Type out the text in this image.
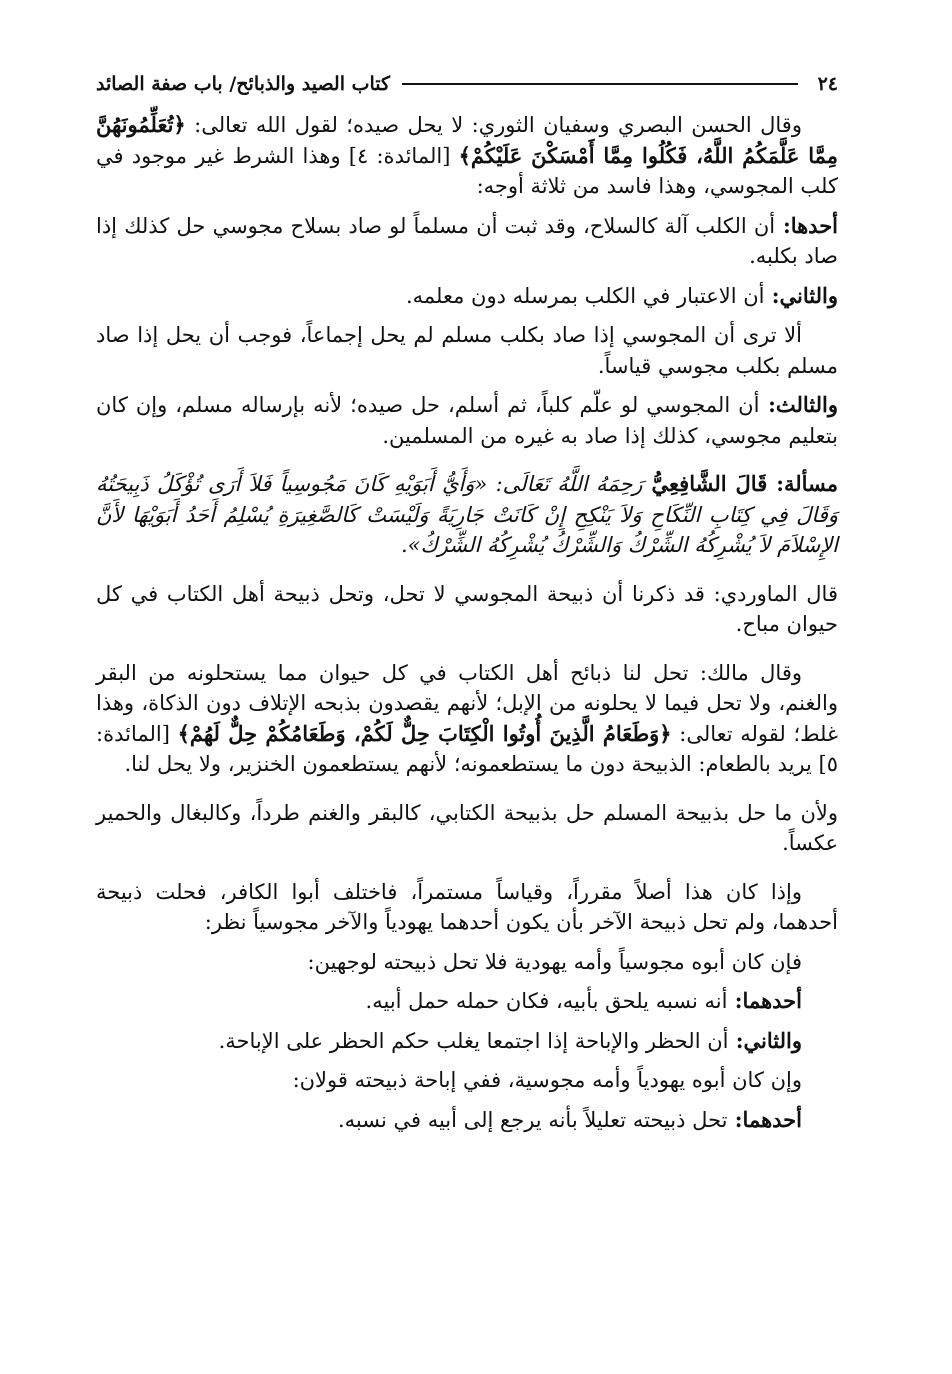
٢٤
كتاب الصيد والذبائح/ باب صفة الصائد

وقال الحسن البصري وسفيان الثوري: لا يحل صيده؛ لقول الله تعالى: ﴿تُعَلِّمُونَهُنَّ مِمَّا عَلَّمَكُمُ اللَّهُ، فَكُلُوا مِمَّا أَمْسَكْنَ عَلَيْكُمْ﴾ [المائدة: ٤] وهذا الشرط غير موجود في كلب المجوسي، وهذا فاسد من ثلاثة أوجه:

أحدها: أن الكلب آلة كالسلاح، وقد ثبت أن مسلماً لو صاد بسلاح مجوسي حل كذلك إذا صاد بكلبه.

والثاني: أن الاعتبار في الكلب بمرسله دون معلمه.

ألا ترى أن المجوسي إذا صاد بكلب مسلم لم يحل إجماعاً، فوجب أن يحل إذا صاد مسلم بكلب مجوسي قياساً.

والثالث: أن المجوسي لو علّم كلباً، ثم أسلم، حل صيده؛ لأنه بإرساله مسلم، وإن كان بتعليم مجوسي، كذلك إذا صاد به غيره من المسلمين.

مسألة: قَالَ الشَّافِعِيُّ رَحِمَهُ اللَّهُ تَعَالَى: «وَأَيُّ أَبَوَيْهِ كَانَ مَجُوسِياً فَلاَ أَرَى تُؤْكَلُ ذَبِيحَتُهُ وَقَالَ فِي كِتَابِ النِّكَاحِ وَلاَ يَنْكِحِ إِنْ كَانَتْ جَارِيَةً وَلَيْسَتْ كَالصَّغِيرَةِ يُسْلِمُ أَحَدُ أَبَوَيْهَا لأَنَّ الإِسْلاَمَ لاَ يُشْرِكُهُ الشِّرْكُ وَالشِّرْكُ يُشْرِكُهُ الشِّرْكُ».

قال الماوردي: قد ذكرنا أن ذبيحة المجوسي لا تحل، وتحل ذبيحة أهل الكتاب في كل حيوان مباح.

وقال مالك: تحل لنا ذبائح أهل الكتاب في كل حيوان مما يستحلونه من البقر والغنم، ولا تحل فيما لا يحلونه من الإبل؛ لأنهم يقصدون بذبحه الإتلاف دون الذكاة، وهذا غلط؛ لقوله تعالى: ﴿وَطَعَامُ الَّذِينَ أُوتُوا الْكِتَابَ حِلٌّ لَكُمْ، وَطَعَامُكُمْ حِلٌّ لَهُمْ﴾ [المائدة: ٥] يريد بالطعام: الذبيحة دون ما يستطعمونه؛ لأنهم يستطعمون الخنزير، ولا يحل لنا.

ولأن ما حل بذبيحة المسلم حل بذبيحة الكتابي، كالبقر والغنم طرداً، وكالبغال والحمير عكساً.

وإذا كان هذا أصلاً مقرراً، وقياساً مستمراً، فاختلف أبوا الكافر، فحلت ذبيحة أحدهما، ولم تحل ذبيحة الآخر بأن يكون أحدهما يهودياً والآخر مجوسياً نظر:

فإن كان أبوه مجوسياً وأمه يهودية فلا تحل ذبيحته لوجهين:

أحدهما: أنه نسبه يلحق بأبيه، فكان حمله حمل أبيه.

والثاني: أن الحظر والإباحة إذا اجتمعا يغلب حكم الحظر على الإباحة.

وإن كان أبوه يهودياً وأمه مجوسية، ففي إباحة ذبيحته قولان:

أحدهما: تحل ذبيحته تعليلاً بأنه يرجع إلى أبيه في نسبه.
